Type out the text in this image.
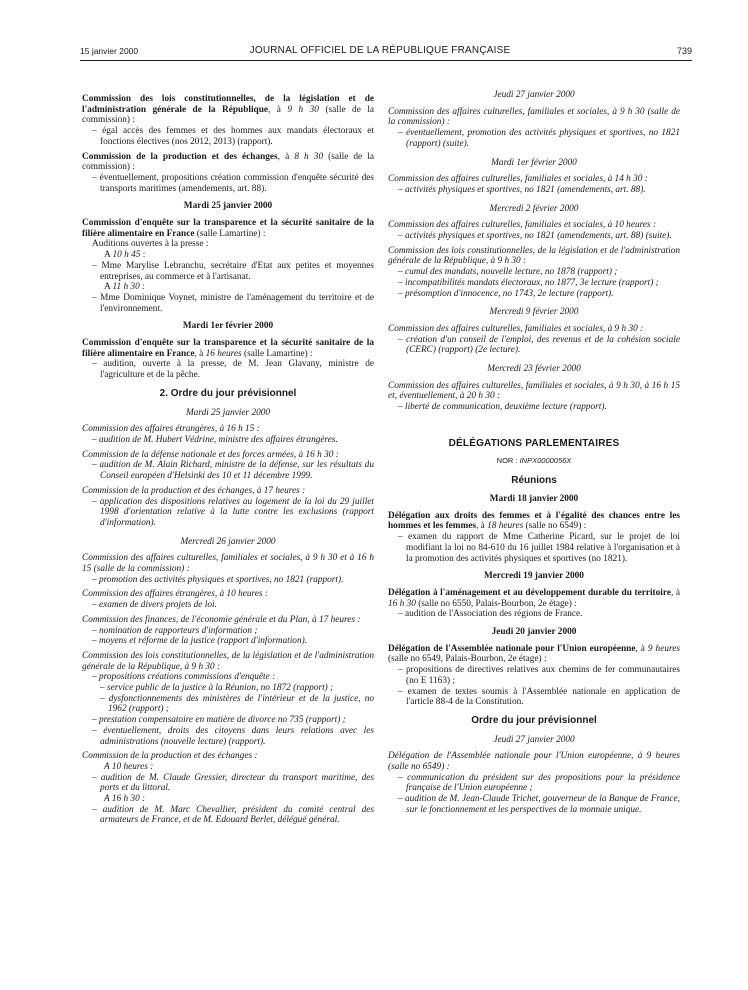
15 janvier 2000	JOURNAL OFFICIEL DE LA RÉPUBLIQUE FRANÇAISE	739

Commission des lois constitutionnelles, de la législation et de l'administration générale de la République, à 9 h 30 (salle de la commission) :

– égal accès des femmes et des hommes aux mandats électoraux et fonctions électives (nos 2012, 2013) (rapport).

Commission de la production et des échanges, à 8 h 30 (salle de la commission) :

– éventuellement, propositions création commission d'enquête sécurité des transports maritimes (amendements, art. 88).

Mardi 25 janvier 2000

Commission d'enquête sur la transparence et la sécurité sanitaire de la filière alimentaire en France (salle Lamartine) :

Auditions ouvertes à la presse :

A 10 h 45 :

– Mme Marylise Lebranchu, secrétaire d'Etat aux petites et moyennes entreprises, au commerce et à l'artisanat.

A 11 h 30 :

– Mme Dominique Voynet, ministre de l'aménagement du territoire et de l'environnement.

Mardi 1er février 2000

Commission d'enquête sur la transparence et la sécurité sanitaire de la filière alimentaire en France, à 16 heures (salle Lamartine) :

– audition, ouverte à la presse, de M. Jean Glavany, ministre de l'agriculture et de la pêche.

2. Ordre du jour prévisionnel

Mardi 25 janvier 2000

Commission des affaires étrangères, à 16 h 15 :

– audition de M. Hubert Védrine, ministre des affaires étrangères.

Commission de la défense nationale et des forces armées, à 16 h 30 :

– audition de M. Alain Richard, ministre de la défense, sur les résultats du Conseil européen d'Helsinki des 10 et 11 décembre 1999.

Commission de la production et des échanges, à 17 heures :

– application des dispositions relatives au logement de la loi du 29 juillet 1998 d'orientation relative à la lutte contre les exclusions (rapport d'information).

Mercredi 26 janvier 2000

Commission des affaires culturelles, familiales et sociales, à 9 h 30 et à 16 h 15 (salle de la commission) :

– promotion des activités physiques et sportives, no 1821 (rapport).

Commission des affaires étrangères, à 10 heures :

– examen de divers projets de loi.

Commission des finances, de l'économie générale et du Plan, à 17 heures :

– nomination de rapporteurs d'information ;

– moyens et réforme de la justice (rapport d'information).

Commission des lois constitutionnelles, de la législation et de l'administration générale de la République, à 9 h 30 :

– propositions créations commissions d'enquête :

– service public de la justice à la Réunion, no 1872 (rapport) ;

– dysfonctionnements des ministères de l'intérieur et de la justice, no 1962 (rapport) ;

– prestation compensatoire en matière de divorce no 735 (rapport) ;

– éventuellement, droits des citoyens dans leurs relations avec les administrations (nouvelle lecture) (rapport).

Commission de la production et des échanges :

A 10 heures :

– audition de M. Claude Gressier, directeur du transport maritime, des ports et du littoral.

A 16 h 30 :

– audition de M. Marc Chevallier, président du comité central des armateurs de France, et de M. Edouard Berlet, délégué général.

Jeudi 27 janvier 2000

Commission des affaires culturelles, familiales et sociales, à 9 h 30 (salle de la commission) :

– éventuellement, promotion des activités physiques et sportives, no 1821 (rapport) (suite).

Mardi 1er février 2000

Commission des affaires culturelles, familiales et sociales, à 14 h 30 :

– activités physiques et sportives, no 1821 (amendements, art. 88).

Mercredi 2 février 2000

Commission des affaires culturelles, familiales et sociales, à 10 heures :

– activités physiques et sportives, no 1821 (amendements, art. 88) (suite).

Commission des lois constitutionnelles, de la législation et de l'administration générale de la République, à 9 h 30 :

– cumul des mandats, nouvelle lecture, no 1878 (rapport) ;

– incompatibilités mandats électoraux, no 1877, 3e lecture (rapport) ;

– présomption d'innocence, no 1743, 2e lecture (rapport).

Mercredi 9 février 2000

Commission des affaires culturelles, familiales et sociales, à 9 h 30 :

– création d'un conseil de l'emploi, des revenus et de la cohésion sociale (CERC) (rapport) (2e lecture).

Mercredi 23 février 2000

Commission des affaires culturelles, familiales et sociales, à 9 h 30, à 16 h 15 et, éventuellement, à 20 h 30 :

– liberté de communication, deuxième lecture (rapport).

DÉLÉGATIONS PARLEMENTAIRES

NOR : INPX0000056X

Réunions

Mardi 18 janvier 2000

Délégation aux droits des femmes et à l'égalité des chances entre les hommes et les femmes, à 18 heures (salle no 6549) :

– examen du rapport de Mme Catherine Picard, sur le projet de loi modifiant la loi no 84-610 du 16 juillet 1984 relative à l'organisation et à la promotion des activités physiques et sportives (no 1821).

Mercredi 19 janvier 2000

Délégation à l'aménagement et au développement durable du territoire, à 16 h 30 (salle no 6550, Palais-Bourbon, 2e étage) :

– audition de l'Association des régions de France.

Jeudi 20 janvier 2000

Délégation de l'Assemblée nationale pour l'Union européenne, à 9 heures (salle no 6549, Palais-Bourbon, 2e étage) :

– propositions de directives relatives aux chemins de fer communautaires (no E 1163) ;

– examen de textes soumis à l'Assemblée nationale en application de l'article 88-4 de la Constitution.

Ordre du jour prévisionnel

Jeudi 27 janvier 2000

Délégation de l'Assemblée nationale pour l'Union européenne, à 9 heures (salle no 6549) :

– communication du président sur des propositions pour la présidence française de l'Union européenne ;

– audition de M. Jean-Claude Trichet, gouverneur de la Banque de France, sur le fonctionnement et les perspectives de la monnaie unique.
